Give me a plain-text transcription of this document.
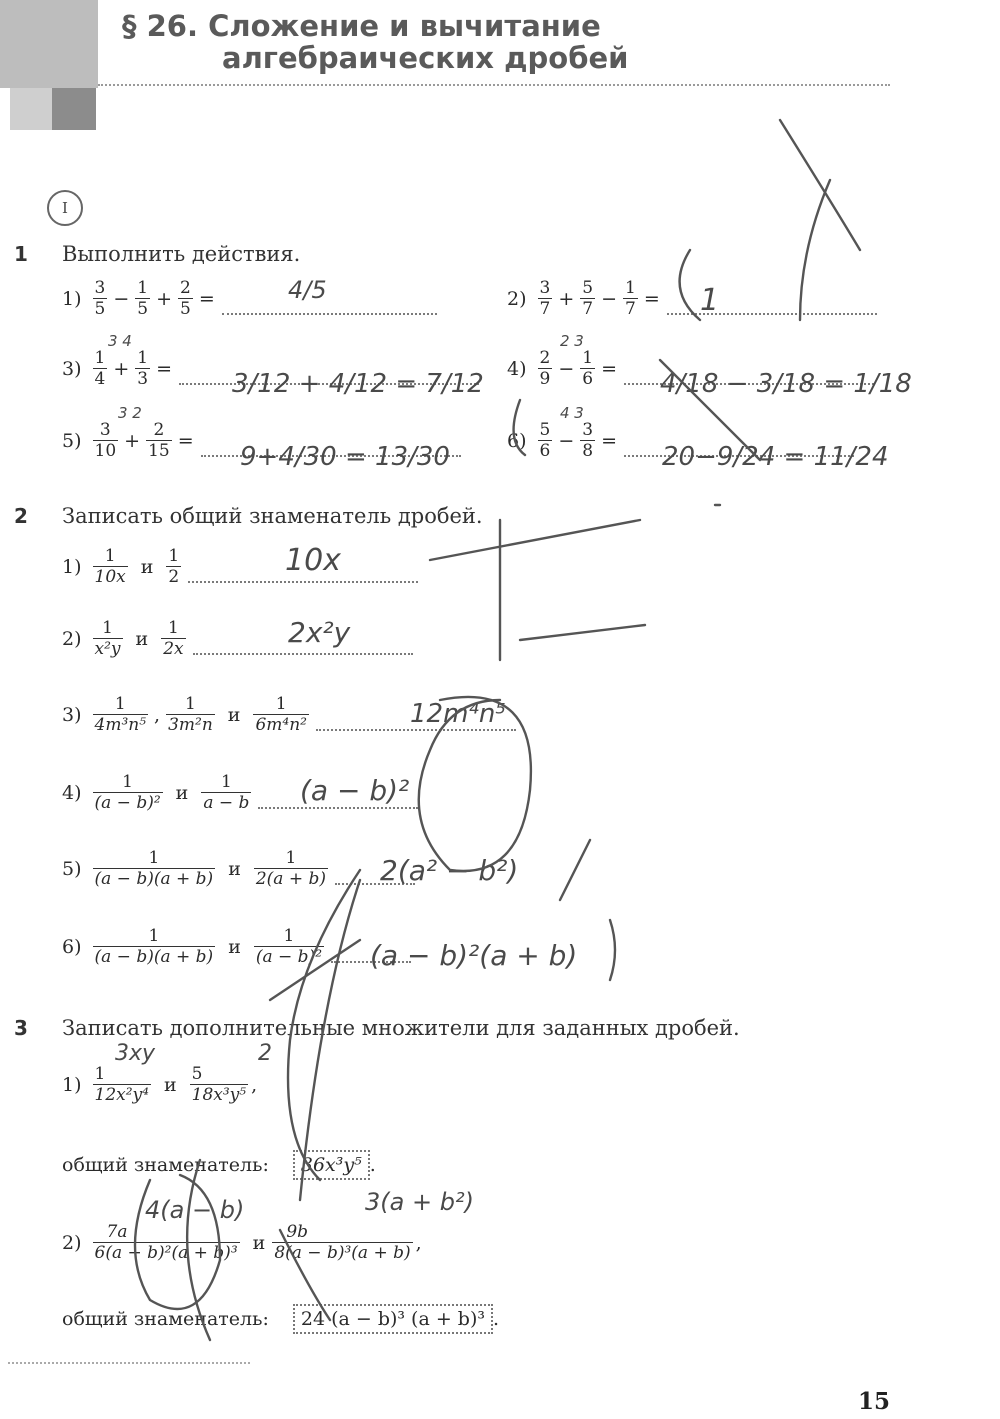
§ 26. Сложение и вычитание
алгебраических дробей
I
1 Выполнить действия.
$1) \frac{3}{5} - \frac{1}{5} + \frac{2}{5}$ =	$2) \frac{3}{7} + \frac{5}{7} - \frac{1}{7}$ =
$3) \frac{1}{4} + \frac{1}{3}$ =	$4) \frac{2}{9} - \frac{1}{6}$ =
$5) \frac{3}{10} + \frac{2}{15}$ =	$6) \frac{5}{6} - \frac{3}{8}$ =
2 Записать общий знаменатель дробей.
$1) \frac{1}{10x}$ и $\frac{1}{2}$
$2) \frac{1}{\text{x²y}}$ и $\frac{1}{2x}$
$3) \frac{1}{\text{4m³n⁵}}$ , $\frac{1}{\text{3m²n}}$ и $\frac{1}{\text{6m⁴n²}}$
$4) \frac{1}{\text{(a − b)²}}$ и $\frac{1}{a - b}$
$5) \frac{1}{(a - b)(a + b)}$ и $\frac{1}{2(a + b)}$
$6) \frac{1}{(a - b)(a + b)}$ и $\frac{1}{\text{(a − b)²}}$
3 Записать дополнительные множители для заданных дробей.
$1) \frac{1}{\text{12x²y⁴}}$ и $\frac{5}{\text{18x³y⁵}}$ ,
общий знаменатель:	36x³y⁵ .
$2) \frac{7a}{\text{6(a − b)²(a + b)³}}$ и $\frac{9b}{\text{8(a − b)³(a + b)}}$ ,
общий знаменатель:	24 (a − b)³ (a + b)³ .
15
4/5	1
3/12 + 4/12 = 7/12	4/18 − 3/18 = 1/18
9+4/30 = 13/30	20−9/24 = 11/24
3 4	2 3
3 2	4 3
10x
2x²y
12m⁴n⁵
(a − b)²
2(a² − b²)
(a − b)²(a + b)
3xy	2
4(a − b)	3(a + b²)
